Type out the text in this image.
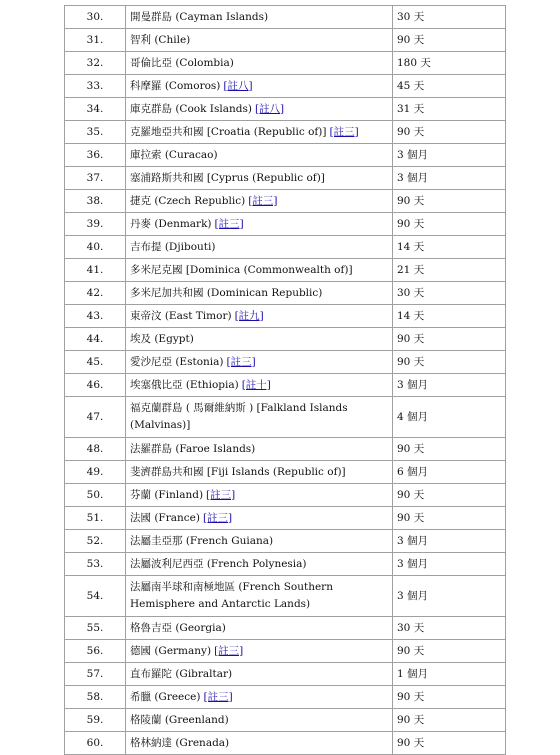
30.	開曼群島 (Cayman Islands)	30 天
31.	智利 (Chile)	90 天
32.	哥倫比亞 (Colombia)	180 天
33.	科摩羅 (Comoros) [註八]	45 天
34.	庫克群島 (Cook Islands) [註八]	31 天
35.	克羅地亞共和國 [Croatia (Republic of)] [註三]	90 天
36.	庫拉索 (Curacao)	3 個月
37.	塞浦路斯共和國 [Cyprus (Republic of)]	3 個月
38.	捷克 (Czech Republic) [註三]	90 天
39.	丹麥 (Denmark) [註三]	90 天
40.	吉布提 (Djibouti)	14 天
41.	多米尼克國 [Dominica (Commonwealth of)]	21 天
42.	多米尼加共和國 (Dominican Republic)	30 天
43.	東帝汶 (East Timor) [註九]	14 天
44.	埃及 (Egypt)	90 天
45.	愛沙尼亞 (Estonia) [註三]	90 天
46.	埃塞俄比亞 (Ethiopia) [註十]	3 個月
47.	福克蘭群島 ( 馬爾維納斯 ) [Falkland Islands (Malvinas)]	4 個月
48.	法羅群島 (Faroe Islands)	90 天
49.	斐濟群島共和國 [Fiji Islands (Republic of)]	6 個月
50.	芬蘭 (Finland) [註三]	90 天
51.	法國 (France) [註三]	90 天
52.	法屬圭亞那 (French Guiana)	3 個月
53.	法屬波利尼西亞 (French Polynesia)	3 個月
54.	法屬南半球和南極地區 (French Southern Hemisphere and Antarctic Lands)	3 個月
55.	格魯吉亞 (Georgia)	30 天
56.	德國 (Germany) [註三]	90 天
57.	直布羅陀 (Gibraltar)	1 個月
58.	希臘 (Greece) [註三]	90 天
59.	格陵蘭 (Greenland)	90 天
60.	格林納達 (Grenada)	90 天
